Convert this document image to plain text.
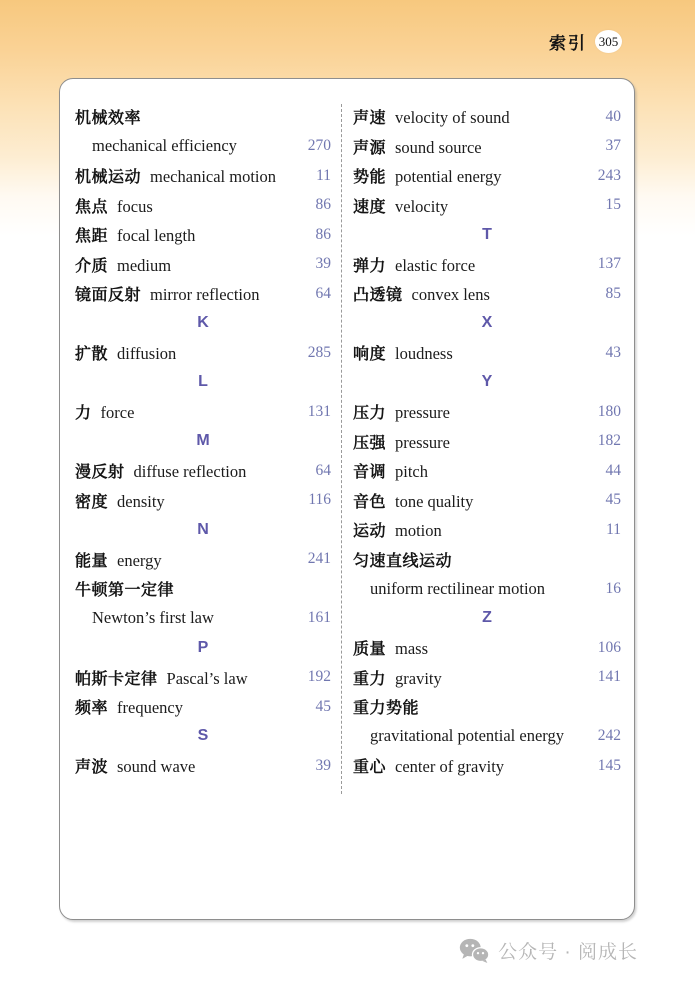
索引 305
机械效率
mechanical efficiency	270
机械运动 mechanical motion	11
焦点 focus	86
焦距 focal length	86
介质 medium	39
镜面反射 mirror reflection	64
K
扩散 diffusion	285
L
力 force	131
M
漫反射 diffuse reflection	64
密度 density	116
N
能量 energy	241
牛顿第一定律
Newton’s first law	161
P
帕斯卡定律 Pascal’s law	192
频率 frequency	45
S
声波 sound wave	39
声速 velocity of sound	40
声源 sound source	37
势能 potential energy	243
速度 velocity	15
T
弹力 elastic force	137
凸透镜 convex lens	85
X
响度 loudness	43
Y
压力 pressure	180
压强 pressure	182
音调 pitch	44
音色 tone quality	45
运动 motion	11
匀速直线运动
uniform rectilinear motion	16
Z
质量 mass	106
重力 gravity	141
重力势能
gravitational potential energy	242
重心 center of gravity	145
公众号 · 阅成长
